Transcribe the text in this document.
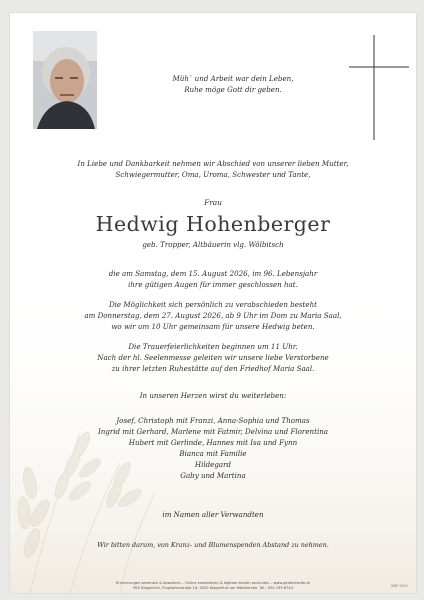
Müh` und Arbeit war dein Leben,
Ruhe möge Gott dir geben.
In Liebe und Dankbarkeit nehmen wir Abschied von unserer lieben Mutter,
Schwiegermutter, Oma, Uroma, Schwester und Tante,
Frau
Hedwig Hohenberger
geb. Tropper, Altbäuerin vlg. Wölbitsch
die am Samstag, dem 15. August 2026, im 96. Lebensjahr
ihre gütigen Augen für immer geschlossen hat.
Die Möglichkeit sich persönlich zu verabschieden besteht
am Donnerstag, dem 27. August 2026, ab 9 Uhr im Dom zu Maria Saal,
wo wir um 10 Uhr gemeinsam für unsere Hedwig beten.
Die Trauerfeierlichkeiten beginnen um 11 Uhr.
Nach der hl. Seelenmesse geleiten wir unsere liebe Verstorbene
zu ihrer letzten Ruhestätte auf den Friedhof Maria Saal.
In unseren Herzen wirst du weiterleben:
Josef, Christoph mit Franzi, Anna-Sophia und Thomas
Ingrid mit Gerhard, Marlene mit Fatmir, Delvina und Florentina
Hubert mit Gerlinde, Hannes mit Isa und Fynn
Bianca mit Familie
Hildegard
Gaby und Martina
im Namen aller Verwandten
Wir bitten darum, von Kranz- und Blumenspenden Abstand zu nehmen.
Erinnerungen sammeln & bewahren – Online kondolieren & digitale Kerzen anzünden – www.gedenkseite.at
PAX Klagenfurt, Flughafenstraße 16, 9020 Klagenfurt am Wörthersee, Tel.: 050 199 6744	BDP 9421
